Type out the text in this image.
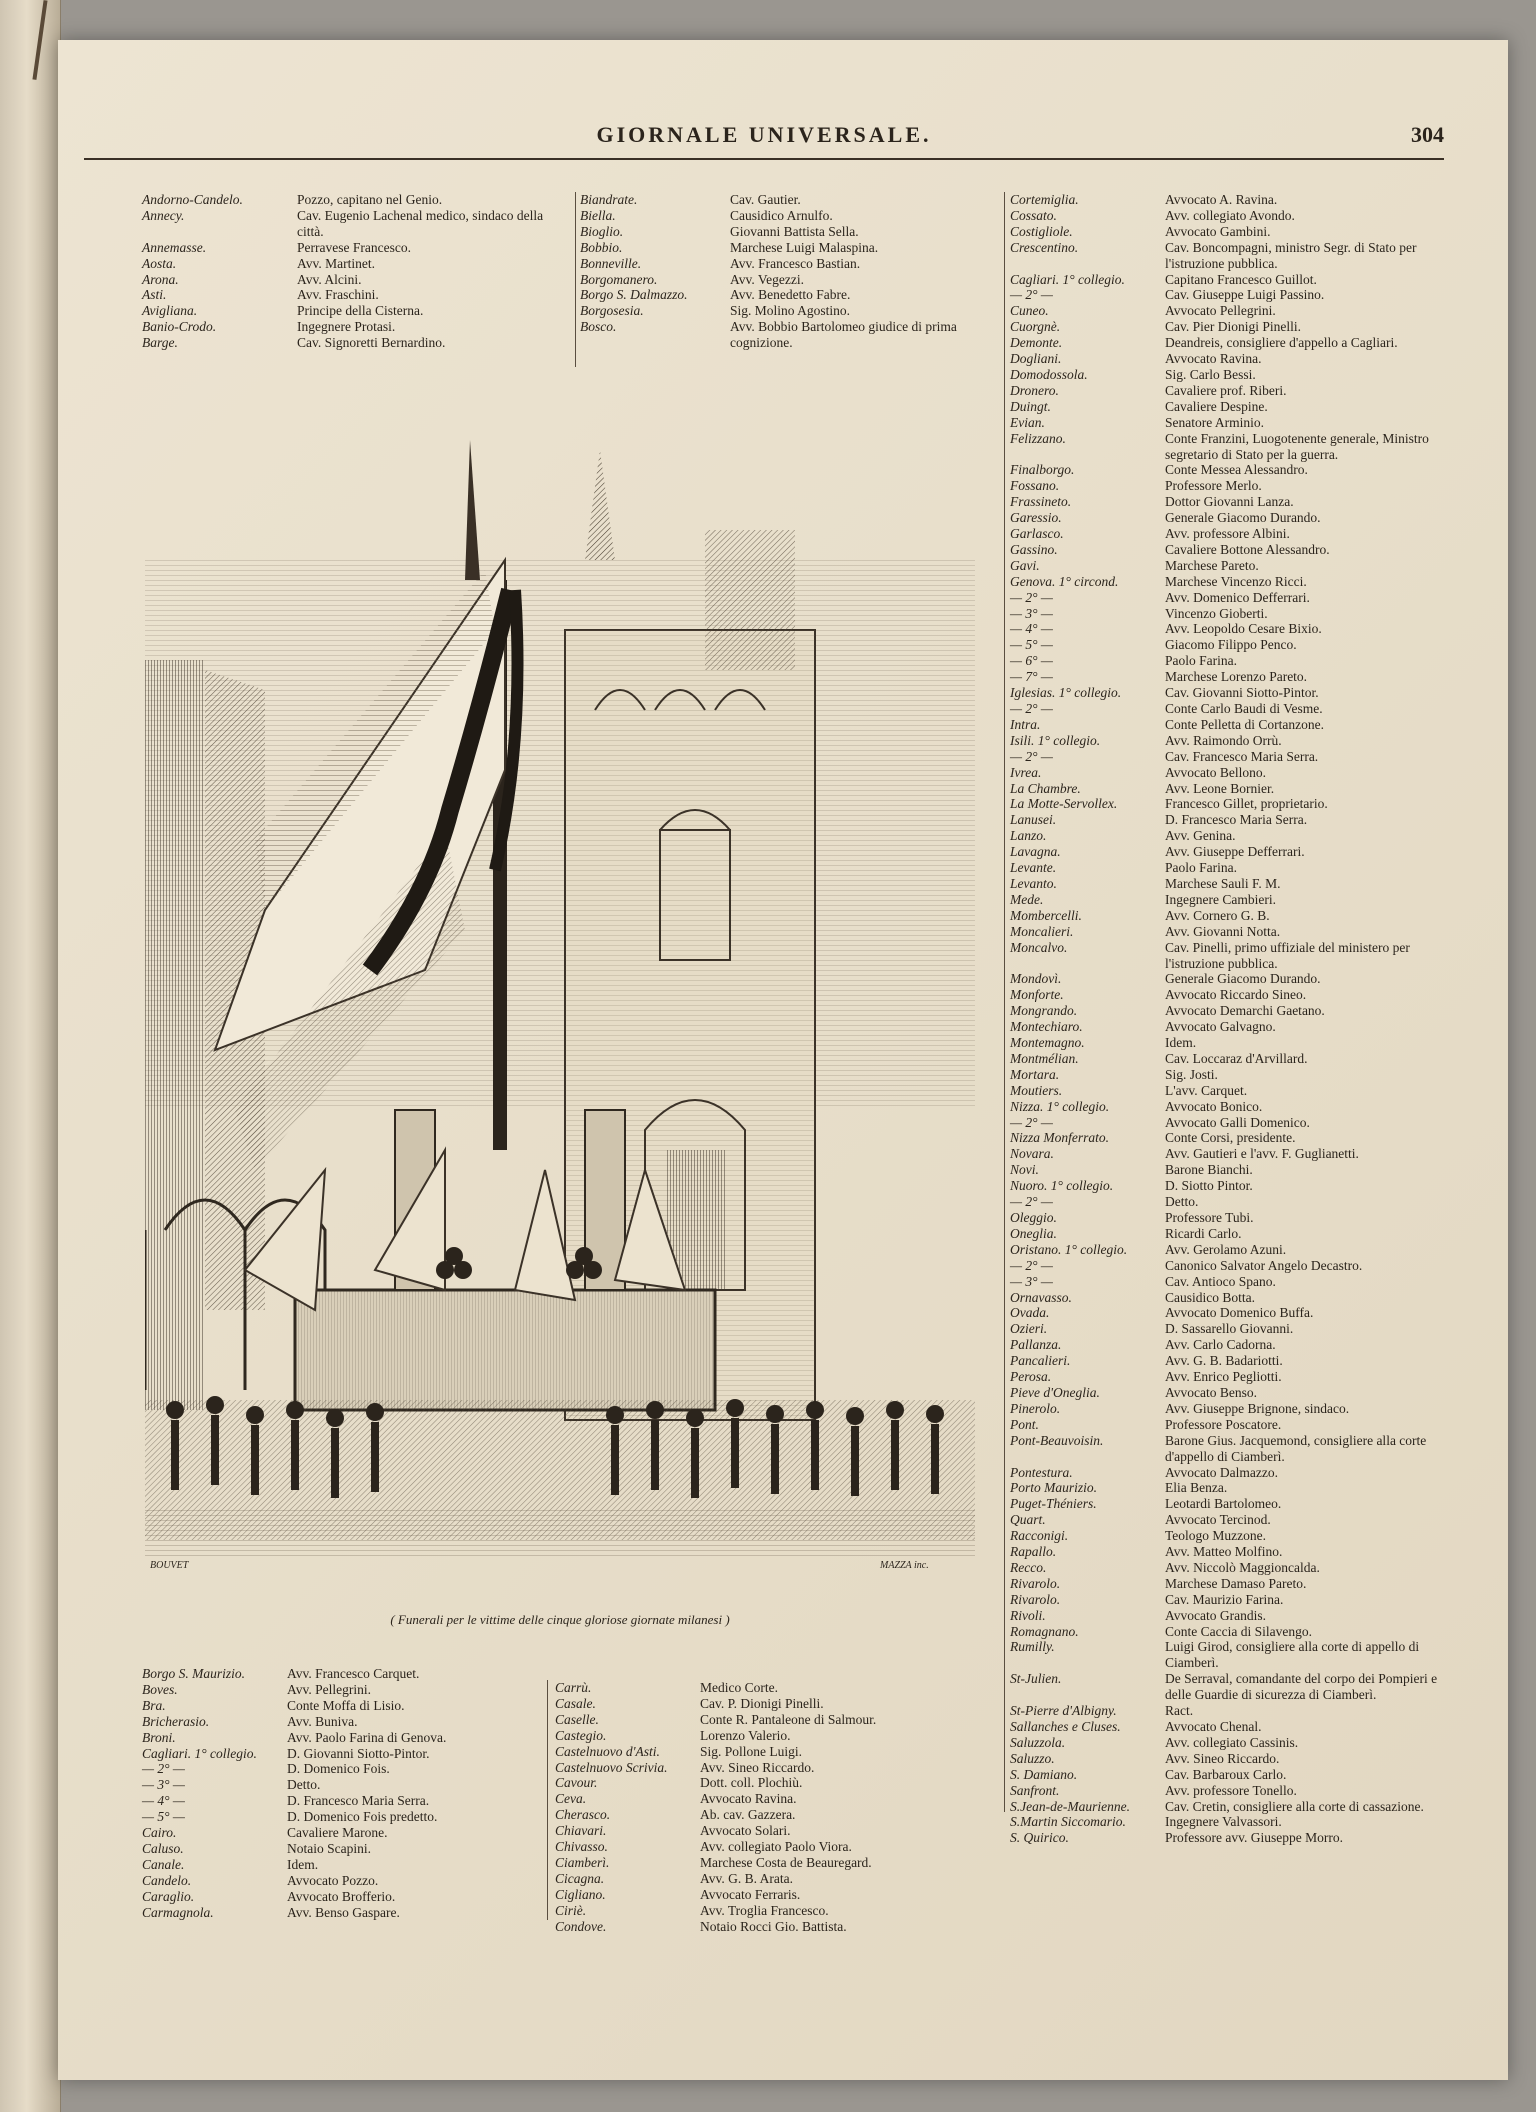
GIORNALE UNIVERSALE.	304
Andorno-Candelo.	Pozzo, capitano nel Genio.
Annecy.	Cav. Eugenio Lachenal medico, sindaco della città.
Annemasse.	Perravese Francesco.
Aosta.	Avv. Martinet.
Arona.	Avv. Alcini.
Asti.	Avv. Fraschini.
Avigliana.	Principe della Cisterna.
Banio-Crodo.	Ingegnere Protasi.
Barge.	Cav. Signoretti Bernardino.
Biandrate.	Cav. Gautier.
Biella.	Causidico Arnulfo.
Bioglio.	Giovanni Battista Sella.
Bobbio.	Marchese Luigi Malaspina.
Bonneville.	Avv. Francesco Bastian.
Borgomanero.	Avv. Vegezzi.
Borgo S. Dalmazzo.	Avv. Benedetto Fabre.
Borgosesia.	Sig. Molino Agostino.
Bosco.	Avv. Bobbio Bartolomeo giudice di prima cognizione.
Cortemiglia.	Avvocato A. Ravina.
Cossato.	Avv. collegiato Avondo.
Costigliole.	Avvocato Gambini.
Crescentino.	Cav. Boncompagni, ministro Segr. di Stato per l'istruzione pubblica.
Cagliari. 1° collegio.	Capitano Francesco Guillot.
— 2° —	Cav. Giuseppe Luigi Passino.
Cuneo.	Avvocato Pellegrini.
Cuorgnè.	Cav. Pier Dionigi Pinelli.
Demonte.	Deandreis, consigliere d'appello a Cagliari.
Dogliani.	Avvocato Ravina.
Domodossola.	Sig. Carlo Bessi.
Dronero.	Cavaliere prof. Riberi.
Duingt.	Cavaliere Despine.
Evian.	Senatore Arminio.
Felizzano.	Conte Franzini, Luogotenente generale, Ministro segretario di Stato per la guerra.
Finalborgo.	Conte Messea Alessandro.
Fossano.	Professore Merlo.
Frassineto.	Dottor Giovanni Lanza.
Garessio.	Generale Giacomo Durando.
Garlasco.	Avv. professore Albini.
Gassino.	Cavaliere Bottone Alessandro.
Gavi.	Marchese Pareto.
Genova. 1° circond.	Marchese Vincenzo Ricci.
— 2° —	Avv. Domenico Defferrari.
— 3° —	Vincenzo Gioberti.
— 4° —	Avv. Leopoldo Cesare Bixio.
— 5° —	Giacomo Filippo Penco.
— 6° —	Paolo Farina.
— 7° —	Marchese Lorenzo Pareto.
Iglesias. 1° collegio.	Cav. Giovanni Siotto-Pintor.
— 2° —	Conte Carlo Baudi di Vesme.
Intra.	Conte Pelletta di Cortanzone.
Isili. 1° collegio.	Avv. Raimondo Orrù.
— 2° —	Cav. Francesco Maria Serra.
Ivrea.	Avvocato Bellono.
La Chambre.	Avv. Leone Bornier.
La Motte-Servollex.	Francesco Gillet, proprietario.
Lanusei.	D. Francesco Maria Serra.
Lanzo.	Avv. Genina.
Lavagna.	Avv. Giuseppe Defferrari.
Levante.	Paolo Farina.
Levanto.	Marchese Sauli F. M.
Mede.	Ingegnere Cambieri.
Mombercelli.	Avv. Cornero G. B.
Moncalieri.	Avv. Giovanni Notta.
Moncalvo.	Cav. Pinelli, primo uffiziale del ministero per l'istruzione pubblica.
Mondovì.	Generale Giacomo Durando.
Monforte.	Avvocato Riccardo Sineo.
Mongrando.	Avvocato Demarchi Gaetano.
Montechiaro.	Avvocato Galvagno.
Montemagno.	Idem.
Montmélian.	Cav. Loccaraz d'Arvillard.
Mortara.	Sig. Josti.
Moutiers.	L'avv. Carquet.
Nizza. 1° collegio.	Avvocato Bonico.
— 2° —	Avvocato Galli Domenico.
Nizza Monferrato.	Conte Corsi, presidente.
Novara.	Avv. Gautieri e l'avv. F. Guglianetti.
Novi.	Barone Bianchi.
Nuoro. 1° collegio.	D. Siotto Pintor.
— 2° —	Detto.
Oleggio.	Professore Tubi.
Oneglia.	Ricardi Carlo.
Oristano. 1° collegio.	Avv. Gerolamo Azuni.
— 2° —	Canonico Salvator Angelo Decastro.
— 3° —	Cav. Antioco Spano.
Ornavasso.	Causidico Botta.
Ovada.	Avvocato Domenico Buffa.
Ozieri.	D. Sassarello Giovanni.
Pallanza.	Avv. Carlo Cadorna.
Pancalieri.	Avv. G. B. Badariotti.
Perosa.	Avv. Enrico Pegliotti.
Pieve d'Oneglia.	Avvocato Benso.
Pinerolo.	Avv. Giuseppe Brignone, sindaco.
Pont.	Professore Poscatore.
Pont-Beauvoisin.	Barone Gius. Jacquemond, consigliere alla corte d'appello di Ciamberì.
Pontestura.	Avvocato Dalmazzo.
Porto Maurizio.	Elia Benza.
Puget-Théniers.	Leotardi Bartolomeo.
Quart.	Avvocato Tercinod.
Racconigi.	Teologo Muzzone.
Rapallo.	Avv. Matteo Molfino.
Recco.	Avv. Niccolò Maggioncalda.
Rivarolo.	Marchese Damaso Pareto.
Rivarolo.	Cav. Maurizio Farina.
Rivoli.	Avvocato Grandis.
Romagnano.	Conte Caccia di Silavengo.
Rumilly.	Luigi Girod, consigliere alla corte di appello di Ciamberì.
St-Julien.	De Serraval, comandante del corpo dei Pompieri e delle Guardie di sicurezza di Ciamberì.
St-Pierre d'Albigny.	Ract.
Sallanches e Cluses.	Avvocato Chenal.
Saluzzola.	Avv. collegiato Cassinis.
Saluzzo.	Avv. Sineo Riccardo.
S. Damiano.	Cav. Barbaroux Carlo.
Sanfront.	Avv. professore Tonello.
S.Jean-de-Maurienne.	Cav. Cretin, consigliere alla corte di cassazione.
S.Martin Siccomario.	Ingegnere Valvassori.
S. Quirico.	Professore avv. Giuseppe Morro.
BOUVET	MAZZA inc.
( Funerali per le vittime delle cinque gloriose giornate milanesi )
Borgo S. Maurizio.	Avv. Francesco Carquet.
Boves.	Avv. Pellegrini.
Bra.	Conte Moffa di Lisio.
Bricherasio.	Avv. Bunivа.
Broni.	Avv. Paolo Farina di Genova.
Cagliari. 1° collegio.	D. Giovanni Siotto-Pintor.
— 2° —	D. Domenico Fois.
— 3° —	Detto.
— 4° —	D. Francesco Maria Serra.
— 5° —	D. Domenico Fois predetto.
Cairo.	Cavaliere Marone.
Caluso.	Notaio Scapini.
Canale.	Idem.
Candelo.	Avvocato Pozzo.
Caraglio.	Avvocato Brofferio.
Carmagnola.	Avv. Benso Gaspare.
Carrù.	Medico Corte.
Casale.	Cav. P. Dionigi Pinelli.
Caselle.	Conte R. Pantaleone di Salmour.
Castegio.	Lorenzo Valerio.
Castelnuovo d'Asti.	Sig. Pollone Luigi.
Castelnuovo Scrivia.	Avv. Sineo Riccardo.
Cavour.	Dott. coll. Plochiù.
Ceva.	Avvocato Ravina.
Cherasco.	Ab. cav. Gazzera.
Chiavari.	Avvocato Solari.
Chivasso.	Avv. collegiato Paolo Viora.
Ciamberì.	Marchese Costa de Beauregard.
Cicagna.	Avv. G. B. Arata.
Cigliano.	Avvocato Ferraris.
Ciriè.	Avv. Troglia Francesco.
Condove.	Notaio Rocci Gio. Battista.
